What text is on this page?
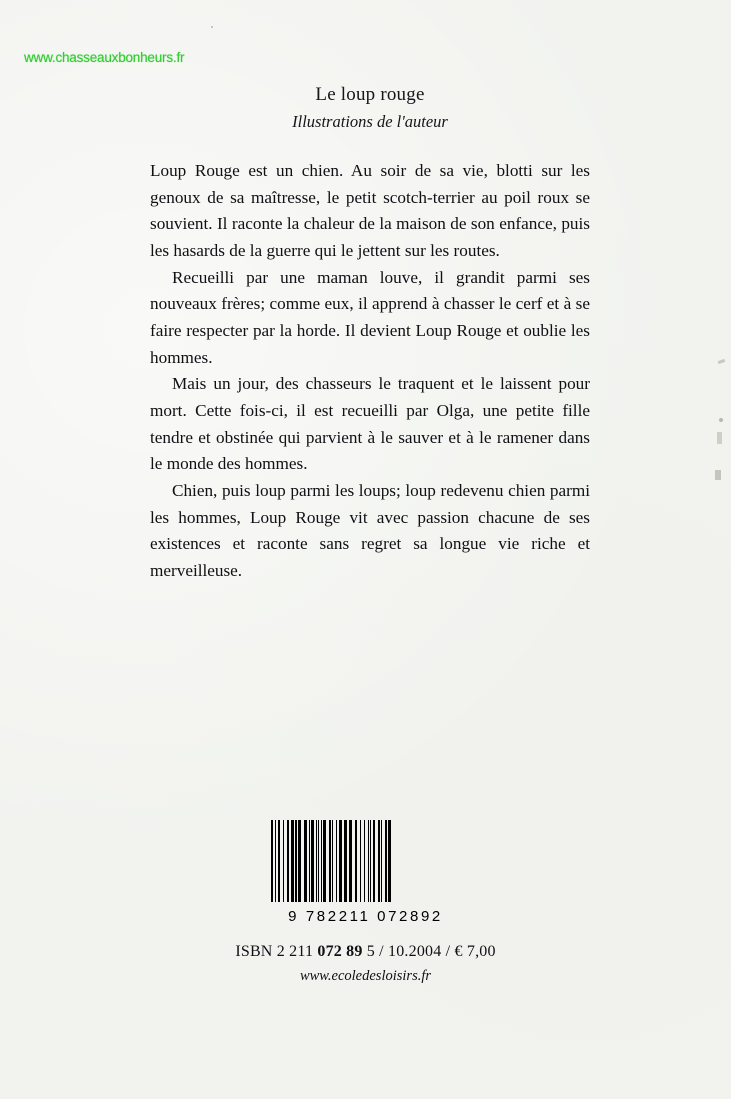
www.chasseauxbonheurs.fr
Le loup rouge
Illustrations de l'auteur

Loup Rouge est un chien. Au soir de sa vie, blotti sur les genoux de sa maîtresse, le petit scotch-terrier au poil roux se souvient. Il raconte la chaleur de la maison de son enfance, puis les hasards de la guerre qui le jettent sur les routes.

Recueilli par une maman louve, il grandit parmi ses nouveaux frères; comme eux, il apprend à chasser le cerf et à se faire respecter par la horde. Il devient Loup Rouge et oublie les hommes.

Mais un jour, des chasseurs le traquent et le laissent pour mort. Cette fois-ci, il est recueilli par Olga, une petite fille tendre et obstinée qui parvient à le sauver et à le ramener dans le monde des hommes.

Chien, puis loup parmi les loups; loup redevenu chien parmi les hommes, Loup Rouge vit avec passion chacune de ses existences et raconte sans regret sa longue vie riche et merveilleuse.

9 782211 072892
ISBN 2 211 072 89 5 / 10.2004 / € 7,00
www.ecoledesloisirs.fr
